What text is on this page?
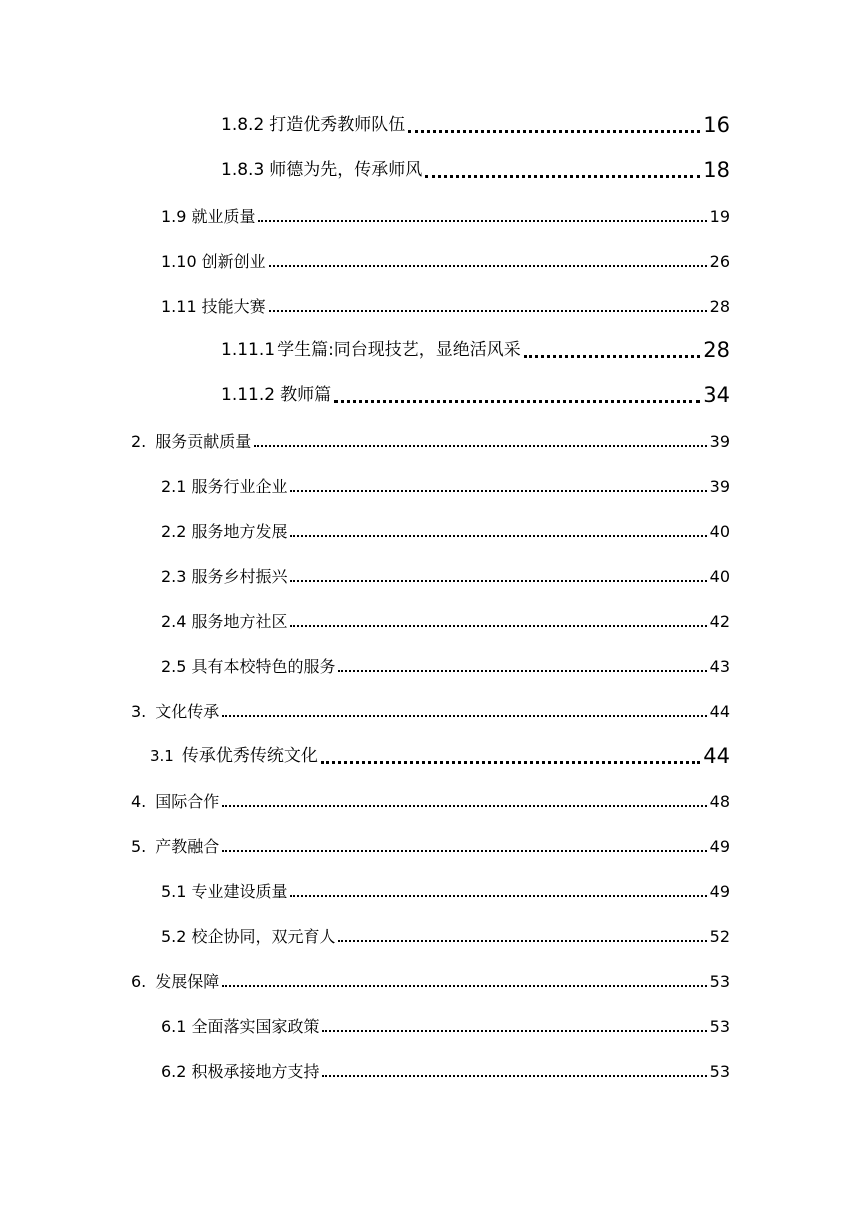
1.8.2 打造优秀教师队伍	16
1.8.3 师德为先，传承师风	18
1.9 就业质量	19
1.10 创新创业	26
1.11 技能大赛	28
1.11.1 学生篇:同台现技艺，显绝活风采	28
1.11.2 教师篇	34
2. 服务贡献质量	39
2.1 服务行业企业	39
2.2 服务地方发展	40
2.3 服务乡村振兴	40
2.4 服务地方社区	42
2.5 具有本校特色的服务	43
3. 文化传承	44
3.1 传承优秀传统文化	44
4. 国际合作	48
5. 产教融合	49
5.1 专业建设质量	49
5.2 校企协同，双元育人	52
6. 发展保障	53
6.1 全面落实国家政策	53
6.2 积极承接地方支持	53
